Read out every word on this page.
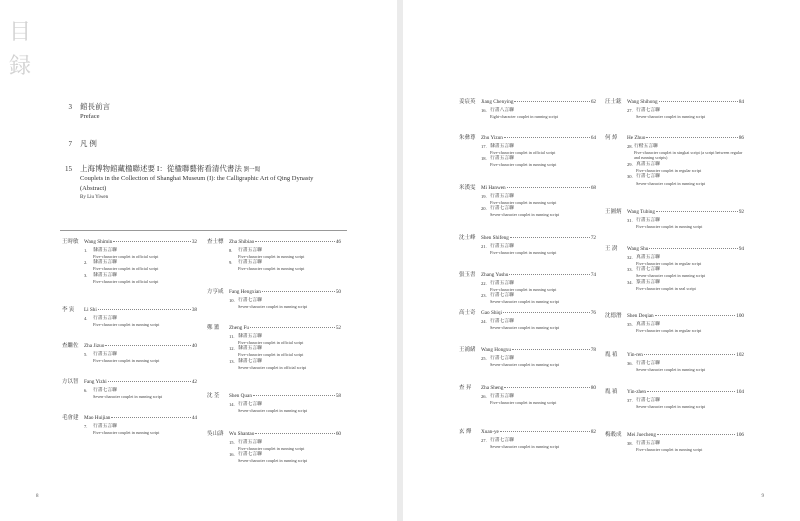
目
録
3 館長前言
Preface
7 凡 例
15 上海博物館藏楹聯述要 I：從楹聯藝術看清代書法 劉一聞
Couplets in the Collection of Shanghai Museum (I): the Calligraphic Art of Qing Dynasty
(Abstract)
By Liu Yiwen
王時敏	Wang Shimin	32
1.	隸書五言聯
Five-character couplet in official script
2.	隸書五言聯
Five-character couplet in official script
3.	隸書五言聯
Five-character couplet in official script
李 寅	Li Shi	38
4.	行書五言聯
Five-character couplet in running script
查繼佐	Zha Jizuo	40
5.	行書五言聯
Five-character couplet in running script
方以智	Fang Yizhi	42
6.	行書七言聯
Seven-character couplet in running script
毛會建	Mao Huijian	44
7.	行書五言聯
Five-character couplet in running script
查士標	Zha Shibiao	46
8.	行書五言聯
Five-character couplet in running script
9.	行書五言聯
Five-character couplet in running script
方亨咸	Fang Hengxian	50
10. 行書七言聯
Seven-character couplet in running script
鄭 簠	Zheng Fu	52
11. 隸書五言聯
Five-character couplet in official script
12. 隸書五言聯
Five-character couplet in official script
13. 隸書七言聯
Seven-character couplet in official script
沈 荃	Shen Quan	58
14. 行書七言聯
Seven-character couplet in running script
吳山濤	Wu Shantao	60
15. 行書五言聯
Five-character couplet in running script
16. 行書七言聯
Seven-character couplet in running script
8
姜宸英	Jiang Chenying	62
16. 行書八言聯
Eight-character couplet in running script
朱彝尊	Zhu Yizun	64
17. 隸書五言聯
Five-character couplet in official script
18. 行書五言聯
Five-character couplet in running script
米漢雯	Mi Hanwen	68
19. 行書五言聯
Five-character couplet in running script
20. 行書七言聯
Seven-character couplet in running script
沈士峰	Shen Shifeng	72
21. 行書五言聯
Five-character couplet in running script
張玉書	Zhang Yushu	74
22. 行書五言聯
Five-character couplet in running script
23. 行書七言聯
Seven-character couplet in running script
高士奇	Gao Shiqi	76
24. 行書七言聯
Seven-character couplet in running script
王鴻緒	Wang Hongxu	78
25. 行書七言聯
Seven-character couplet in running script
查 昇	Zha Sheng	80
26. 行書五言聯
Five-character couplet in running script
玄 燁	Xuan-ye	82
27. 行書七言聯
Seven-character couplet in running script
汪士鋐	Wang Shihong	84
27. 行書七言聯
Seven-character couplet in running script
何 焯	He Zhuo	86
28. 行楷五言聯
Five-character couplet in xingkai script (a script between regular and running scripts)
29. 真書五言聯
Five-character couplet in regular script
30. 行書七言聯
Seven-character couplet in running script
王圖炳	Wang Tubing	92
31. 行書五言聯
Five-character couplet in running script
王 澍	Wang Shu	94
32. 真書五言聯
Five-character couplet in regular script
33. 行書七言聯
Seven-character couplet in running script
34. 篆書五言聯
Five-character couplet in seal script
沈德潛	Shen Deqian	100
35. 真書五言聯
Five-character couplet in regular script
胤 禃	Yin-ren	102
36. 行書七言聯
Seven-character couplet in running script
胤 禛	Yin-zhen	104
37. 行書七言聯
Seven-character couplet in running script
梅穀成	Mei Juecheng	106
38. 行書五言聯
Five-character couplet in running script
9
